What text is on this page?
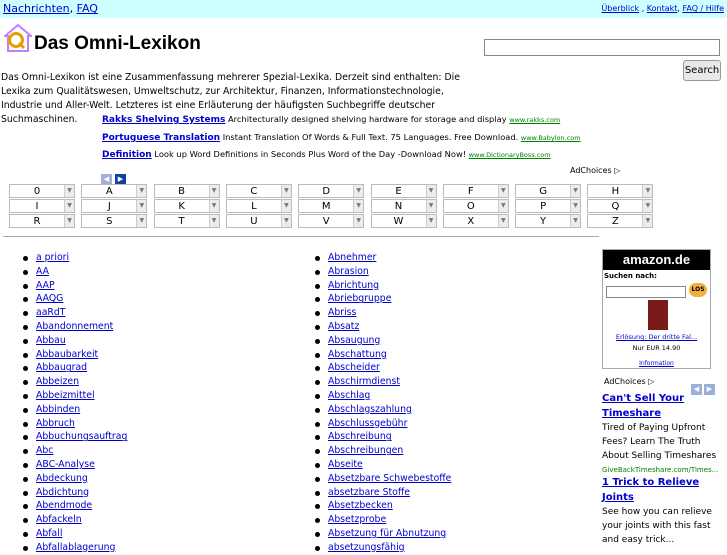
Nachrichten, FAQ	Überblick , Kontakt, FAQ / Hilfe
Das Omni-Lexikon
Search
Das Omni-Lexikon ist eine Zusammenfassung mehrerer Spezial-Lexika. Derzeit sind enthalten: Die Lexika zum Qualitätswesen, Umweltschutz, zur Architektur, Finanzen, Informationstechnologie, Industrie und Aller-Welt. Letzteres ist eine Erläuterung der häufigsten Suchbegriffe deutscher Suchmaschinen.	Rakks Shelving Systems Architecturally designed shelving hardware for storage and display www.rakks.com
Portuguese Translation Instant Translation Of Words & Full Text. 75 Languages. Free Download. www.Babylon.com
Definition Look up Word Definitions in Seconds Plus Word of the Day -Download Now! www.DictionaryBoss.com
◀ ▶
AdChoices ▷
0	▼	A	▼	B	▼	C	▼	D	▼	E	▼	F	▼	G	▼	H	▼
I	▼	J	▼	K	▼	L	▼	M	▼	N	▼	O	▼	P	▼	Q	▼
R	▼	S	▼	T	▼	U	▼	V	▼	W	▼	X	▼	Y	▼	Z	▼
a priori
AA
AAP
AAQG
aaRdT
Abandonnement
Abbau
Abbaubarkeit
Abbaugrad
Abbeizen
Abbeizmittel
Abbinden
Abbruch
Abbuchungsauftrag
Abc
ABC-Analyse
Abdeckung
Abdichtung
Abendmode
Abfackeln
Abfall
Abfallablagerung
Abnehmer
Abrasion
Abrichtung
Abriebgruppe
Abriss
Absatz
Absaugung
Abschattung
Abscheider
Abschirmdienst
Abschlag
Abschlagszahlung
Abschlussgebühr
Abschreibung
Abschreibungen
Abseite
Absetzbare Schwebestoffe
absetzbare Stoffe
Absetzbecken
Absetzprobe
Absetzung für Abnutzung
absetzungsfähig
amazon.de
Suchen nach:
LOS
Erlösung: Der dritte Fal...
Nur EUR 14.90
Information
AdChoices ▷
◀ ▶
Can't Sell Your Timeshare
Tired of Paying Upfront Fees? Learn The Truth About Selling Timeshares
GiveBackTimeshare.com/Times...
1 Trick to Relieve Joints
See how you can relieve your joints with this fast and easy trick...
